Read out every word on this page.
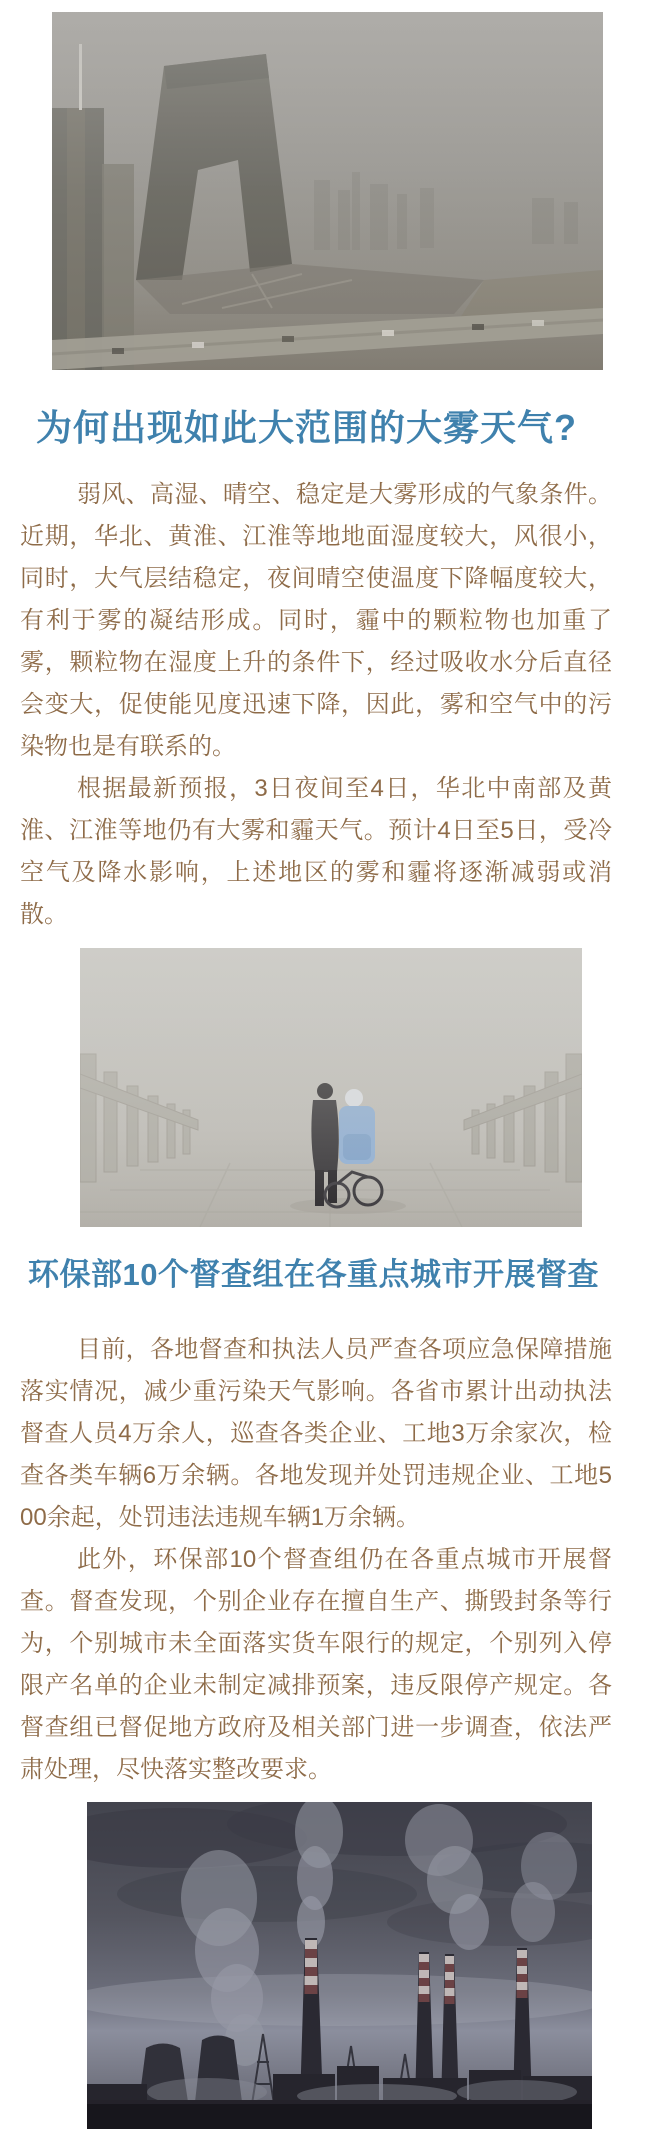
为何出现如此大范围的大雾天气?

弱风、高湿、晴空、稳定是大雾形成的气象条件。近期，华北、黄淮、江淮等地地面湿度较大，风很小，同时，大气层结稳定，夜间晴空使温度下降幅度较大，有利于雾的凝结形成。同时，霾中的颗粒物也加重了雾，颗粒物在湿度上升的条件下，经过吸收水分后直径会变大，促使能见度迅速下降，因此，雾和空气中的污染物也是有联系的。

根据最新预报，3日夜间至4日，华北中南部及黄淮、江淮等地仍有大雾和霾天气。预计4日至5日，受冷空气及降水影响，上述地区的雾和霾将逐渐减弱或消散。

环保部10个督查组在各重点城市开展督查

目前，各地督查和执法人员严查各项应急保障措施落实情况，减少重污染天气影响。各省市累计出动执法督查人员4万余人，巡查各类企业、工地3万余家次，检查各类车辆6万余辆。各地发现并处罚违规企业、工地500余起，处罚违法违规车辆1万余辆。

此外，环保部10个督查组仍在各重点城市开展督查。督查发现，个别企业存在擅自生产、撕毁封条等行为，个别城市未全面落实货车限行的规定，个别列入停限产名单的企业未制定减排预案，违反限停产规定。各督查组已督促地方政府及相关部门进一步调查，依法严肃处理，尽快落实整改要求。
